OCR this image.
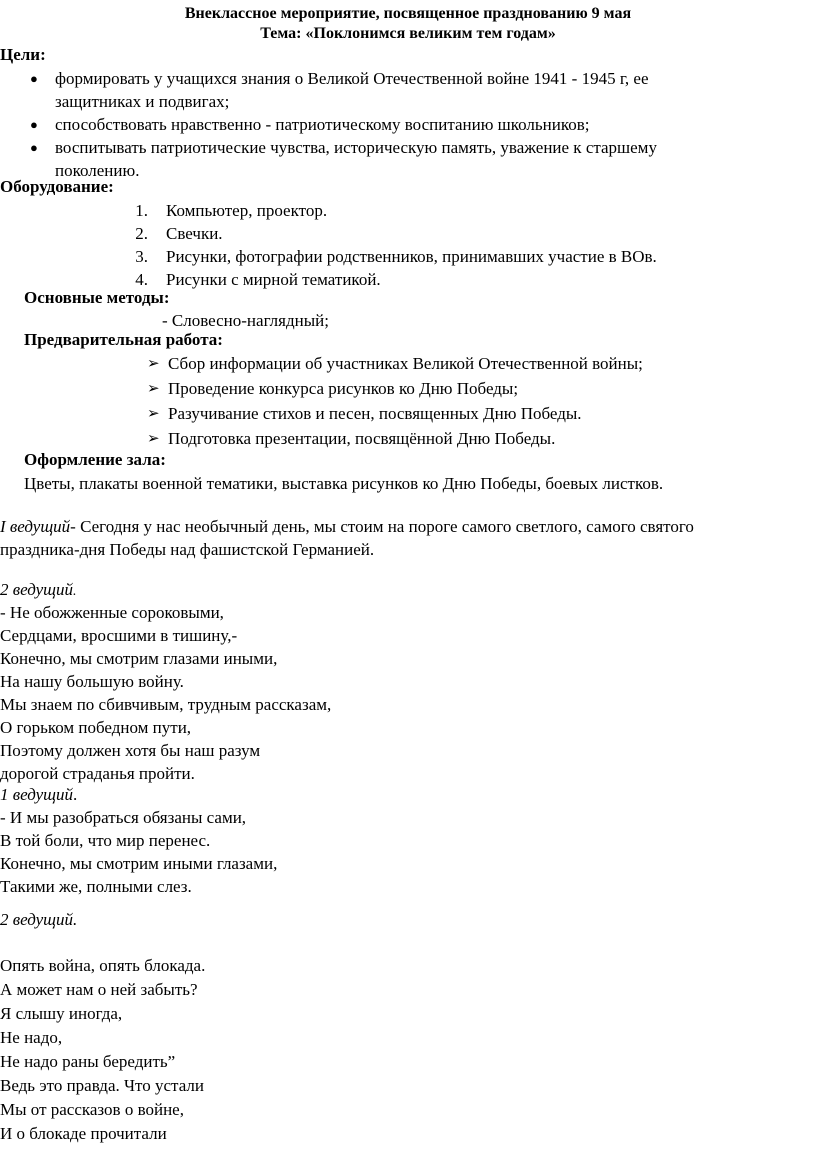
Внеклассное мероприятие, посвященное празднованию 9 мая
Тема: «Поклонимся великим тем годам»
Цели:
● формировать у учащихся знания о Великой Отечественной войне 1941 - 1945 г, ее
защитниках и подвигах;
● способствовать нравственно - патриотическому воспитанию школьников;
● воспитывать патриотические чувства, историческую память, уважение к старшему
поколению.
Оборудование:
1. Компьютер, проектор.
2. Свечки.
3. Рисунки, фотографии родственников, принимавших участие в ВОв.
4. Рисунки с мирной тематикой.
Основные методы:
- Словесно-наглядный;
Предварительная работа:
➢ Сбор информации об участниках Великой Отечественной войны;
➢ Проведение конкурса рисунков ко Дню Победы;
➢ Разучивание стихов и песен, посвященных Дню Победы.
➢ Подготовка презентации, посвящённой Дню Победы.
Оформление зала:
Цветы, плакаты военной тематики, выставка рисунков ко Дню Победы, боевых листков.
I ведущий- Сегодня у нас необычный день, мы стоим на пороге самого светлого, самого святого
праздника-дня Победы над фашистской Германией.
2 ведущий.
- Не обожженные сороковыми,
Сердцами, вросшими в тишину,-
Конечно, мы смотрим глазами иными,
На нашу большую войну.
Мы знаем по сбивчивым, трудным рассказам,
О горьком победном пути,
Поэтому должен хотя бы наш разум
дорогой страданья пройти.
1 ведущий.
- И мы разобраться обязаны сами,
В той боли, что мир перенес.
Конечно, мы смотрим иными глазами,
Такими же, полными слез.
2 ведущий.
Опять война, опять блокада.
А может нам о ней забыть?
Я слышу иногда,
Не надо,
Не надо раны бередить”
Ведь это правда. Что устали
Мы от рассказов о войне,
И о блокаде прочитали
